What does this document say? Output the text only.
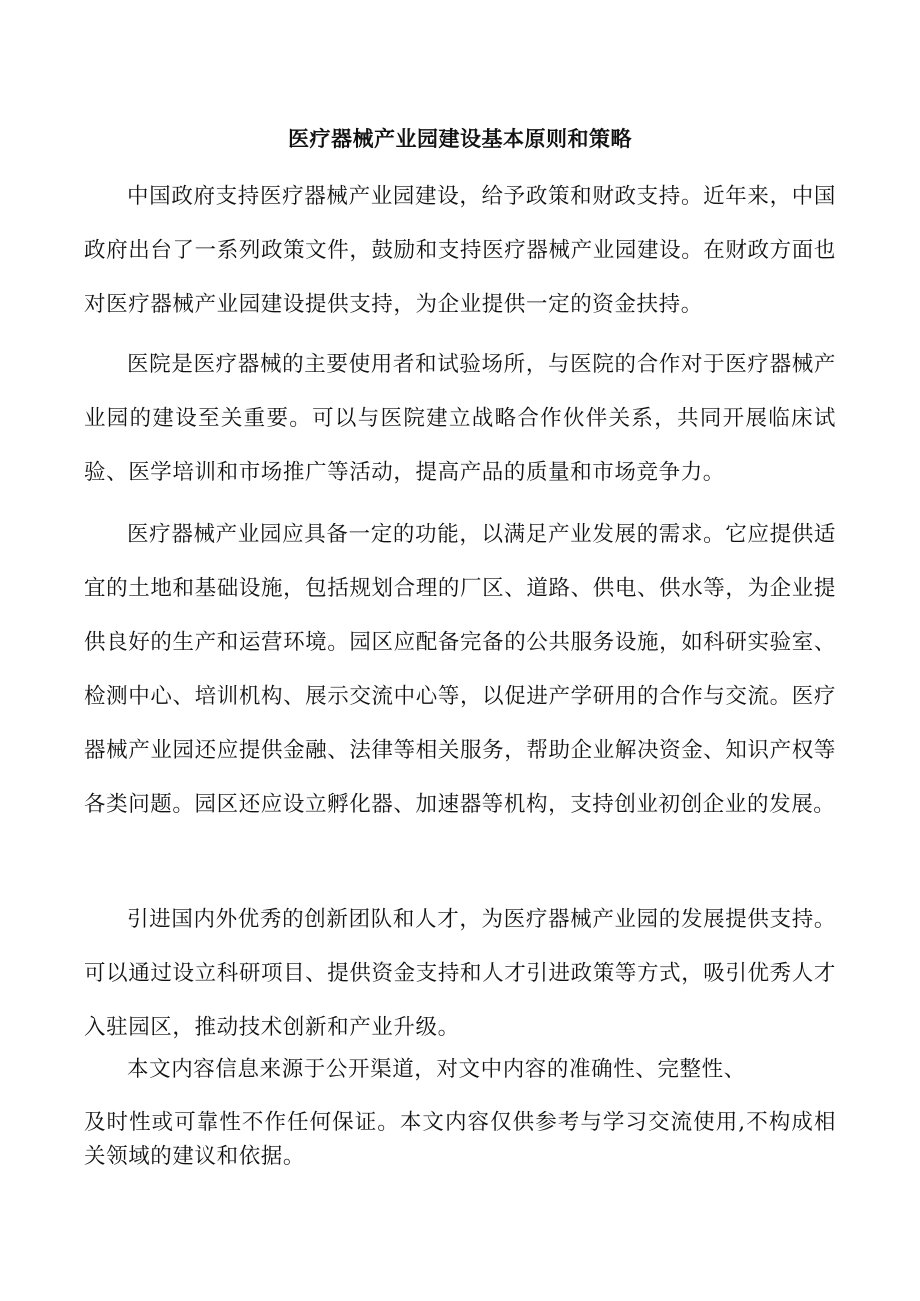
医疗器械产业园建设基本原则和策略

中国政府支持医疗器械产业园建设，给予政策和财政支持。近年来，中国政府出台了一系列政策文件，鼓励和支持医疗器械产业园建设。在财政方面也对医疗器械产业园建设提供支持，为企业提供一定的资金扶持。

医院是医疗器械的主要使用者和试验场所，与医院的合作对于医疗器械产业园的建设至关重要。可以与医院建立战略合作伙伴关系，共同开展临床试验、医学培训和市场推广等活动，提高产品的质量和市场竞争力。

医疗器械产业园应具备一定的功能，以满足产业发展的需求。它应提供适宜的土地和基础设施，包括规划合理的厂区、道路、供电、供水等，为企业提供良好的生产和运营环境。园区应配备完备的公共服务设施，如科研实验室、检测中心、培训机构、展示交流中心等，以促进产学研用的合作与交流。医疗器械产业园还应提供金融、法律等相关服务，帮助企业解决资金、知识产权等各类问题。园区还应设立孵化器、加速器等机构，支持创业初创企业的发展。

引进国内外优秀的创新团队和人才，为医疗器械产业园的发展提供支持。可以通过设立科研项目、提供资金支持和人才引进政策等方式，吸引优秀人才入驻园区，推动技术创新和产业升级。

本文内容信息来源于公开渠道，对文中内容的准确性、完整性、

及时性或可靠性不作任何保证。本文内容仅供参考与学习交流使用,不构成相关领域的建议和依据。
